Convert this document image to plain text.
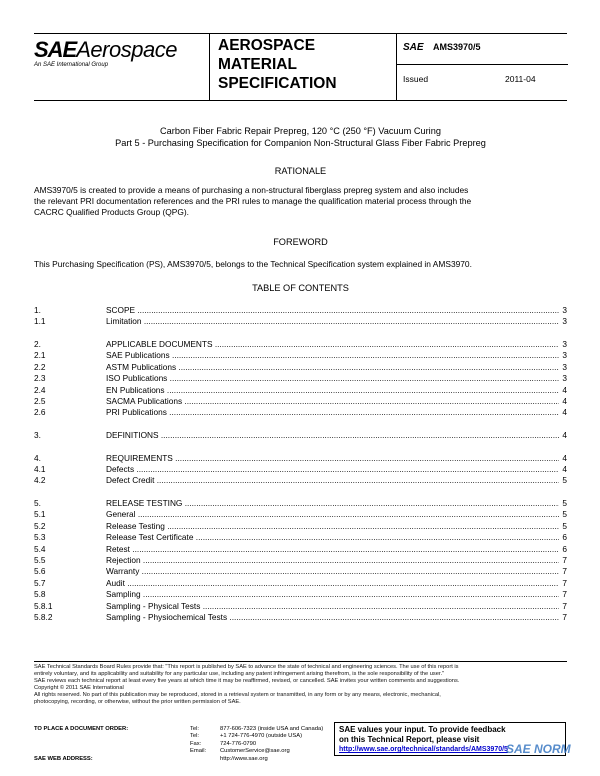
SAEAerospace
An SAE International Group
AEROSPACE
MATERIAL
SPECIFICATION
SAE AMS3970/5
Issued	2011-04
Carbon Fiber Fabric Repair Prepreg, 120 °C (250 °F) Vacuum Curing
Part 5 - Purchasing Specification for Companion Non-Structural Glass Fiber Fabric Prepreg
RATIONALE
AMS3970/5 is created to provide a means of purchasing a non-structural fiberglass prepreg system and also includes
the relevant PRI documentation references and the PRI rules to manage the qualification material process through the
CACRC Qualified Products Group (QPG).
FOREWORD
This Purchasing Specification (PS), AMS3970/5, belongs to the Technical Specification system explained in AMS3970.
TABLE OF CONTENTS
1.	SCOPE .....	3
1.1	Limitation .....	3
2.	APPLICABLE DOCUMENTS .....	3
2.1	SAE Publications .....	3
2.2	ASTM Publications .....	3
2.3	ISO Publications .....	3
2.4	EN Publications .....	4
2.5	SACMA Publications .....	4
2.6	PRI Publications .....	4
3.	DEFINITIONS .....	4
4.	REQUIREMENTS .....	4
4.1	Defects .....	4
4.2	Defect Credit .....	5
5.	RELEASE TESTING .....	5
5.1	General .....	5
5.2	Release Testing .....	5
5.3	Release Test Certificate .....	6
5.4	Retest .....	6
5.5	Rejection .....	7
5.6	Warranty .....	7
5.7	Audit .....	7
5.8	Sampling .....	7
5.8.1	Sampling - Physical Tests .....	7
5.8.2	Sampling - Physiochemical Tests .....	7
SAE Technical Standards Board Rules provide that: "This report is published by SAE to advance the state of technical and engineering sciences. The use of this report is
entirely voluntary, and its applicability and suitability for any particular use, including any patent infringement arising therefrom, is the sole responsibility of the user."
SAE reviews each technical report at least every five years at which time it may be reaffirmed, revised, or cancelled. SAE invites your written comments and suggestions.
Copyright © 2011 SAE International
All rights reserved. No part of this publication may be reproduced, stored in a retrieval system or transmitted, in any form or by any means, electronic, mechanical,
photocopying, recording, or otherwise, without the prior written permission of SAE.
TO PLACE A DOCUMENT ORDER:	Tel:	877-606-7323 (inside USA and Canada)
Tel:	+1 724-776-4970 (outside USA)
Fax:	724-776-0790
Email: CustomerService@sae.org
SAE WEB ADDRESS:	http://www.sae.org
SAE values your input. To provide feedback
on this Technical Report, please visit
http://www.sae.org/technical/standards/AMS3970/5
SAE NORM
